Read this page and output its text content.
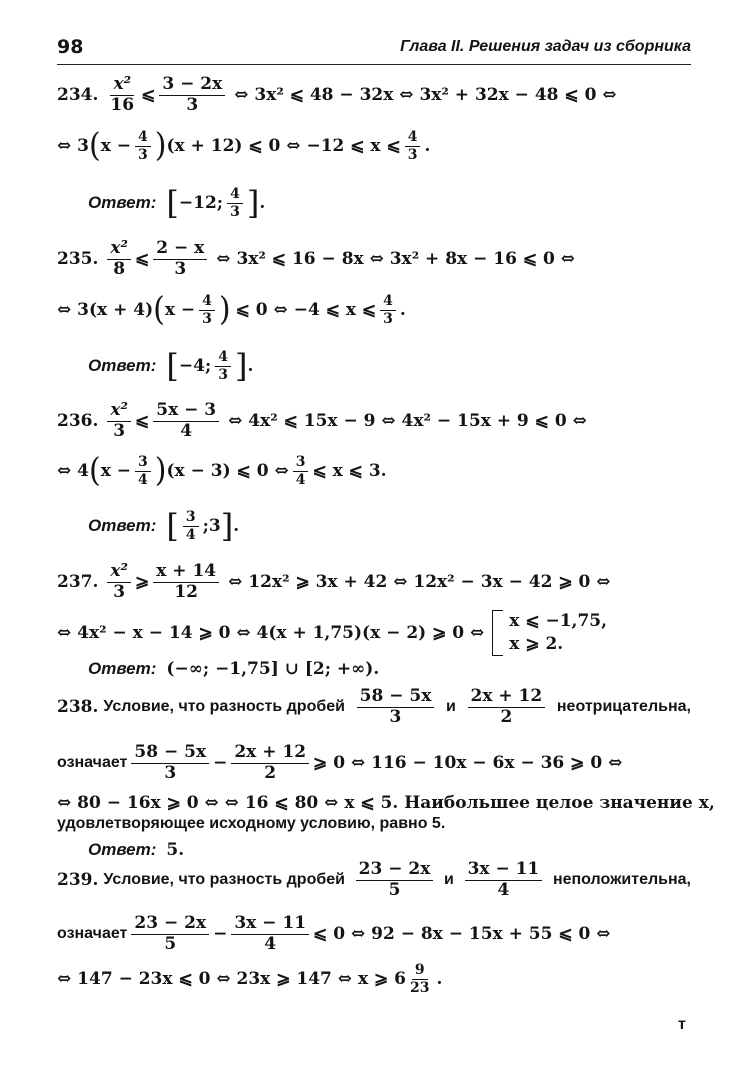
98	Глава II. Решения задач из сборника
234. $\frac{\text{x²}}{16}$ ⩽ $\frac{3 - 2x}{3}$ ⇔ 3x² ⩽ 48 − 32x ⇔ 3x² + 32x − 48 ⩽ 0 ⇔
⇔ 3 ( $x - \frac{4}{3}$ ) (x + 12) ⩽ 0 ⇔ −12 ⩽ x ⩽ $\frac{4}{3}$ .
Ответ: [ −12; $\frac{4}{3}$ ] .
235. $\frac{\text{x²}}{8}$ ⩽ $\frac{2 - x}{3}$ ⇔ 3x² ⩽ 16 − 8x ⇔ 3x² + 8x − 16 ⩽ 0 ⇔
⇔ 3(x + 4) ( $x - \frac{4}{3}$ ) ⩽ 0 ⇔ −4 ⩽ x ⩽ $\frac{4}{3}$ .
Ответ: [ −4; $\frac{4}{3}$ ] .
236. $\frac{\text{x²}}{3}$ ⩽ $\frac{5x - 3}{4}$ ⇔ 4x² ⩽ 15x − 9 ⇔ 4x² − 15x + 9 ⩽ 0 ⇔
⇔ 4 ( $x - \frac{3}{4}$ ) (x − 3) ⩽ 0 ⇔ $\frac{3}{4}$ ⩽ x ⩽ 3.
Ответ: [ $\frac{3}{4}$ ;3 ] .
237. $\frac{\text{x²}}{3}$ ⩾ $\frac{x + 14}{12}$ ⇔ 12x² ⩾ 3x + 42 ⇔ 12x² − 3x − 42 ⩾ 0 ⇔
⇔ 4x² − x − 14 ⩾ 0 ⇔ 4(x + 1,75)(x − 2) ⩾ 0 ⇔
x ⩽ −1,75,
x ⩾ 2.
Ответ: (−∞; −1,75] ∪ [2; +∞).
238. Условие, что разность дробей $\frac{58 - 5x}{3}$ и $\frac{2x + 12}{2}$ неотрицательна,
означает $\frac{58 - 5x}{3} - \frac{2x + 12}{2}$ ⩾ 0 ⇔ 116 − 10x − 6x − 36 ⩾ 0 ⇔
⇔ 80 − 16x ⩾ 0 ⇔ ⇔ 16 ⩽ 80 ⇔ x ⩽ 5. Наибольшее целое значение x,
удовлетворяющее исходному условию, равно 5.
Ответ: 5.
239. Условие, что разность дробей $\frac{23 - 2x}{5}$ и $\frac{3x - 11}{4}$ неположительна,
означает $\frac{23 - 2x}{5} - \frac{3x - 11}{4}$ ⩽ 0 ⇔ 92 − 8x − 15x + 55 ⩽ 0 ⇔
⇔ 147 − 23x ⩽ 0 ⇔ 23x ⩾ 147 ⇔ x ⩾ $6 \frac{9}{23}$ .
т
